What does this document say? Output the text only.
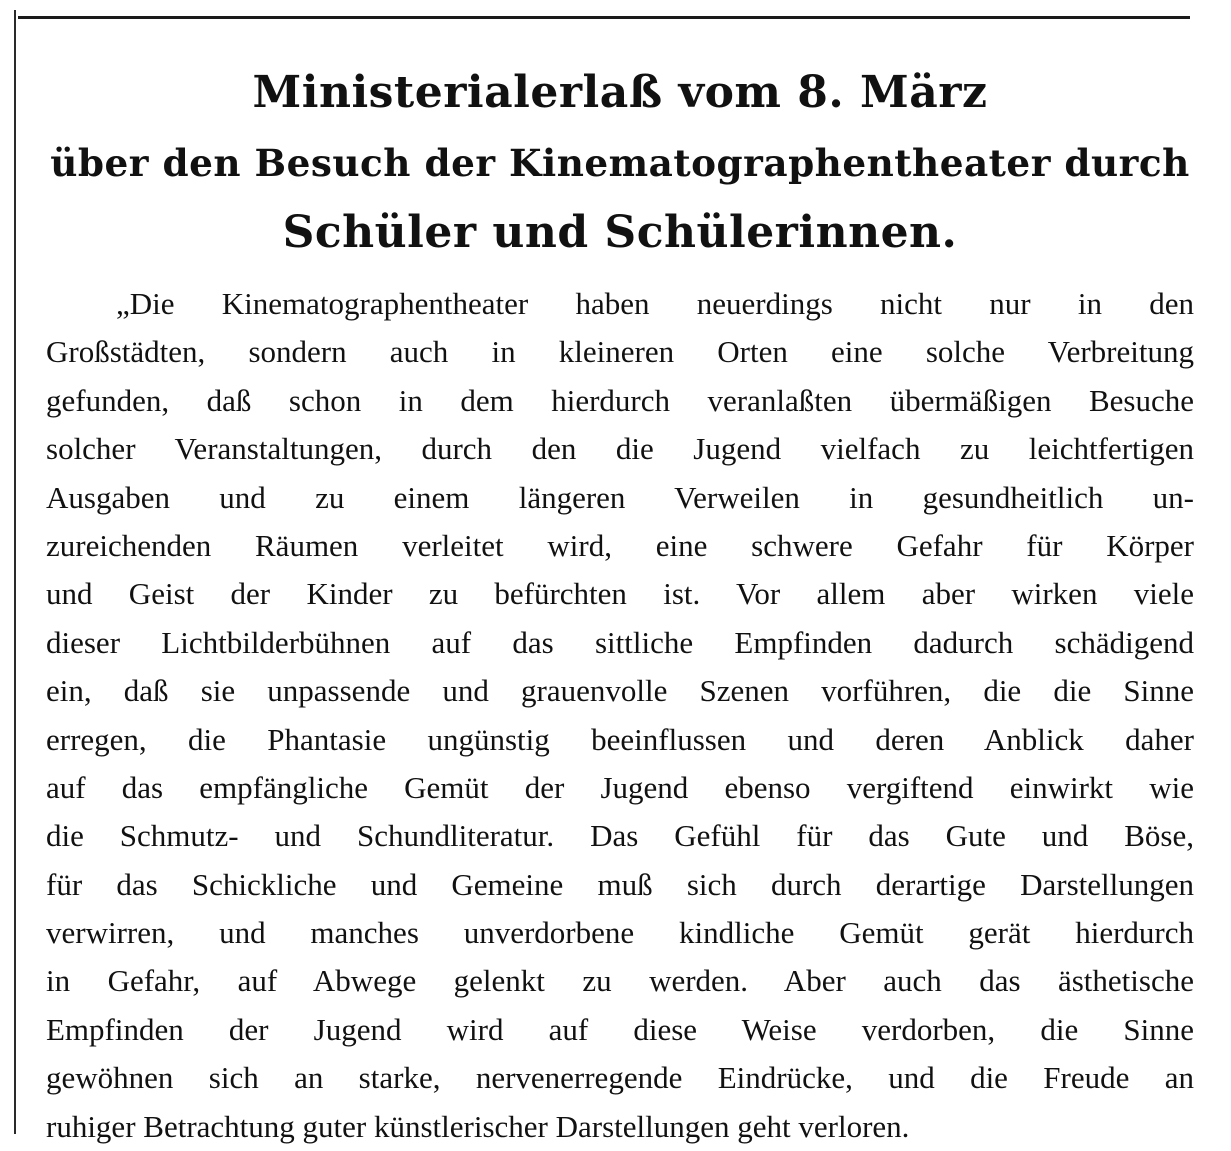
Ministerialerlaß vom 8. März
über den Besuch der Kinematographentheater durch
Schüler und Schülerinnen.
„Die Kinematographentheater haben neuerdings nicht nur in den
Großstädten, sondern auch in kleineren Orten eine solche Verbreitung
gefunden, daß schon in dem hierdurch veranlaßten übermäßigen Besuche
solcher Veranstaltungen, durch den die Jugend vielfach zu leichtfertigen
Ausgaben und zu einem längeren Verweilen in gesundheitlich un-
zureichenden Räumen verleitet wird, eine schwere Gefahr für Körper
und Geist der Kinder zu befürchten ist. Vor allem aber wirken viele
dieser Lichtbilderbühnen auf das sittliche Empfinden dadurch schädigend
ein, daß sie unpassende und grauenvolle Szenen vorführen, die die Sinne
erregen, die Phantasie ungünstig beeinflussen und deren Anblick daher
auf das empfängliche Gemüt der Jugend ebenso vergiftend einwirkt wie
die Schmutz- und Schundliteratur. Das Gefühl für das Gute und Böse,
für das Schickliche und Gemeine muß sich durch derartige Darstellungen
verwirren, und manches unverdorbene kindliche Gemüt gerät hierdurch
in Gefahr, auf Abwege gelenkt zu werden. Aber auch das ästhetische
Empfinden der Jugend wird auf diese Weise verdorben, die Sinne
gewöhnen sich an starke, nervenerregende Eindrücke, und die Freude an
ruhiger Betrachtung guter künstlerischer Darstellungen geht verloren.
